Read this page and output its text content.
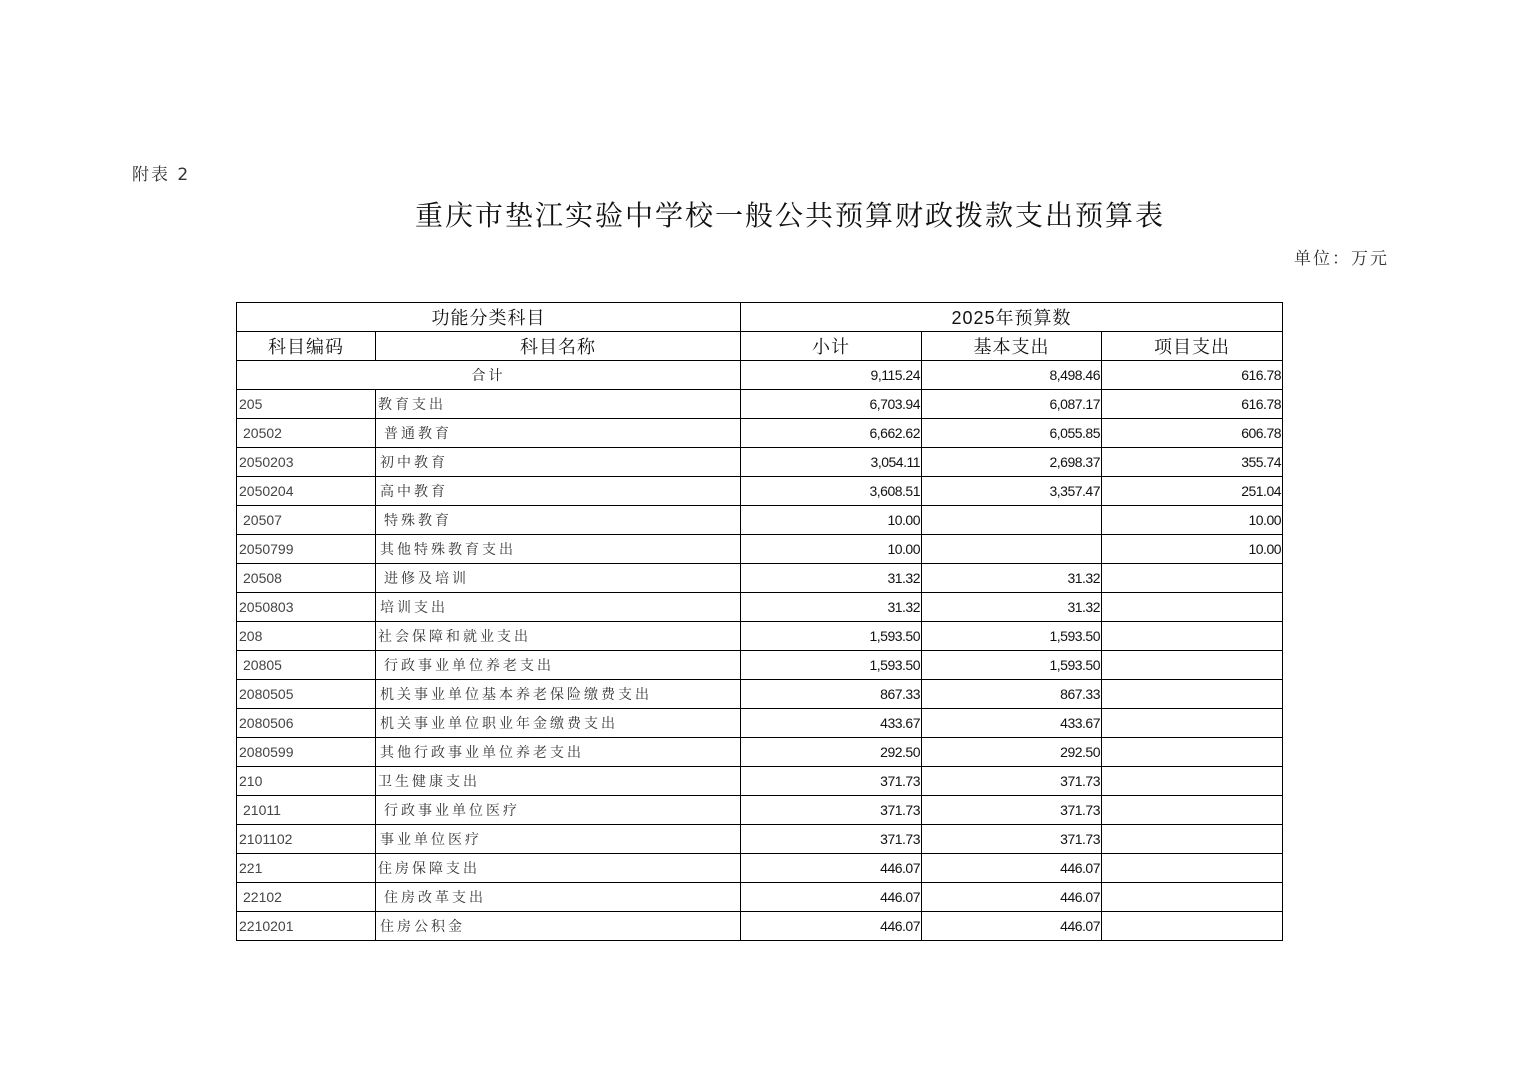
附表 2
重庆市垫江实验中学校一般公共预算财政拨款支出预算表
单位：万元
功能分类科目		2025年预算数		
科目编码	科目名称	小计	基本支出	项目支出
合计		9,115.24	8,498.46	616.78
205	教育支出	6,703.94	6,087.17	616.78
20502	普通教育	6,662.62	6,055.85	606.78
2050203	初中教育	3,054.11	2,698.37	355.74
2050204	高中教育	3,608.51	3,357.47	251.04
20507	特殊教育	10.00		10.00
2050799	其他特殊教育支出	10.00		10.00
20508	进修及培训	31.32	31.32	
2050803	培训支出	31.32	31.32	
208	社会保障和就业支出	1,593.50	1,593.50	
20805	行政事业单位养老支出	1,593.50	1,593.50	
2080505	机关事业单位基本养老保险缴费支出	867.33	867.33	
2080506	机关事业单位职业年金缴费支出	433.67	433.67	
2080599	其他行政事业单位养老支出	292.50	292.50	
210	卫生健康支出	371.73	371.73	
21011	行政事业单位医疗	371.73	371.73	
2101102	事业单位医疗	371.73	371.73	
221	住房保障支出	446.07	446.07	
22102	住房改革支出	446.07	446.07	
2210201	住房公积金	446.07	446.07	
